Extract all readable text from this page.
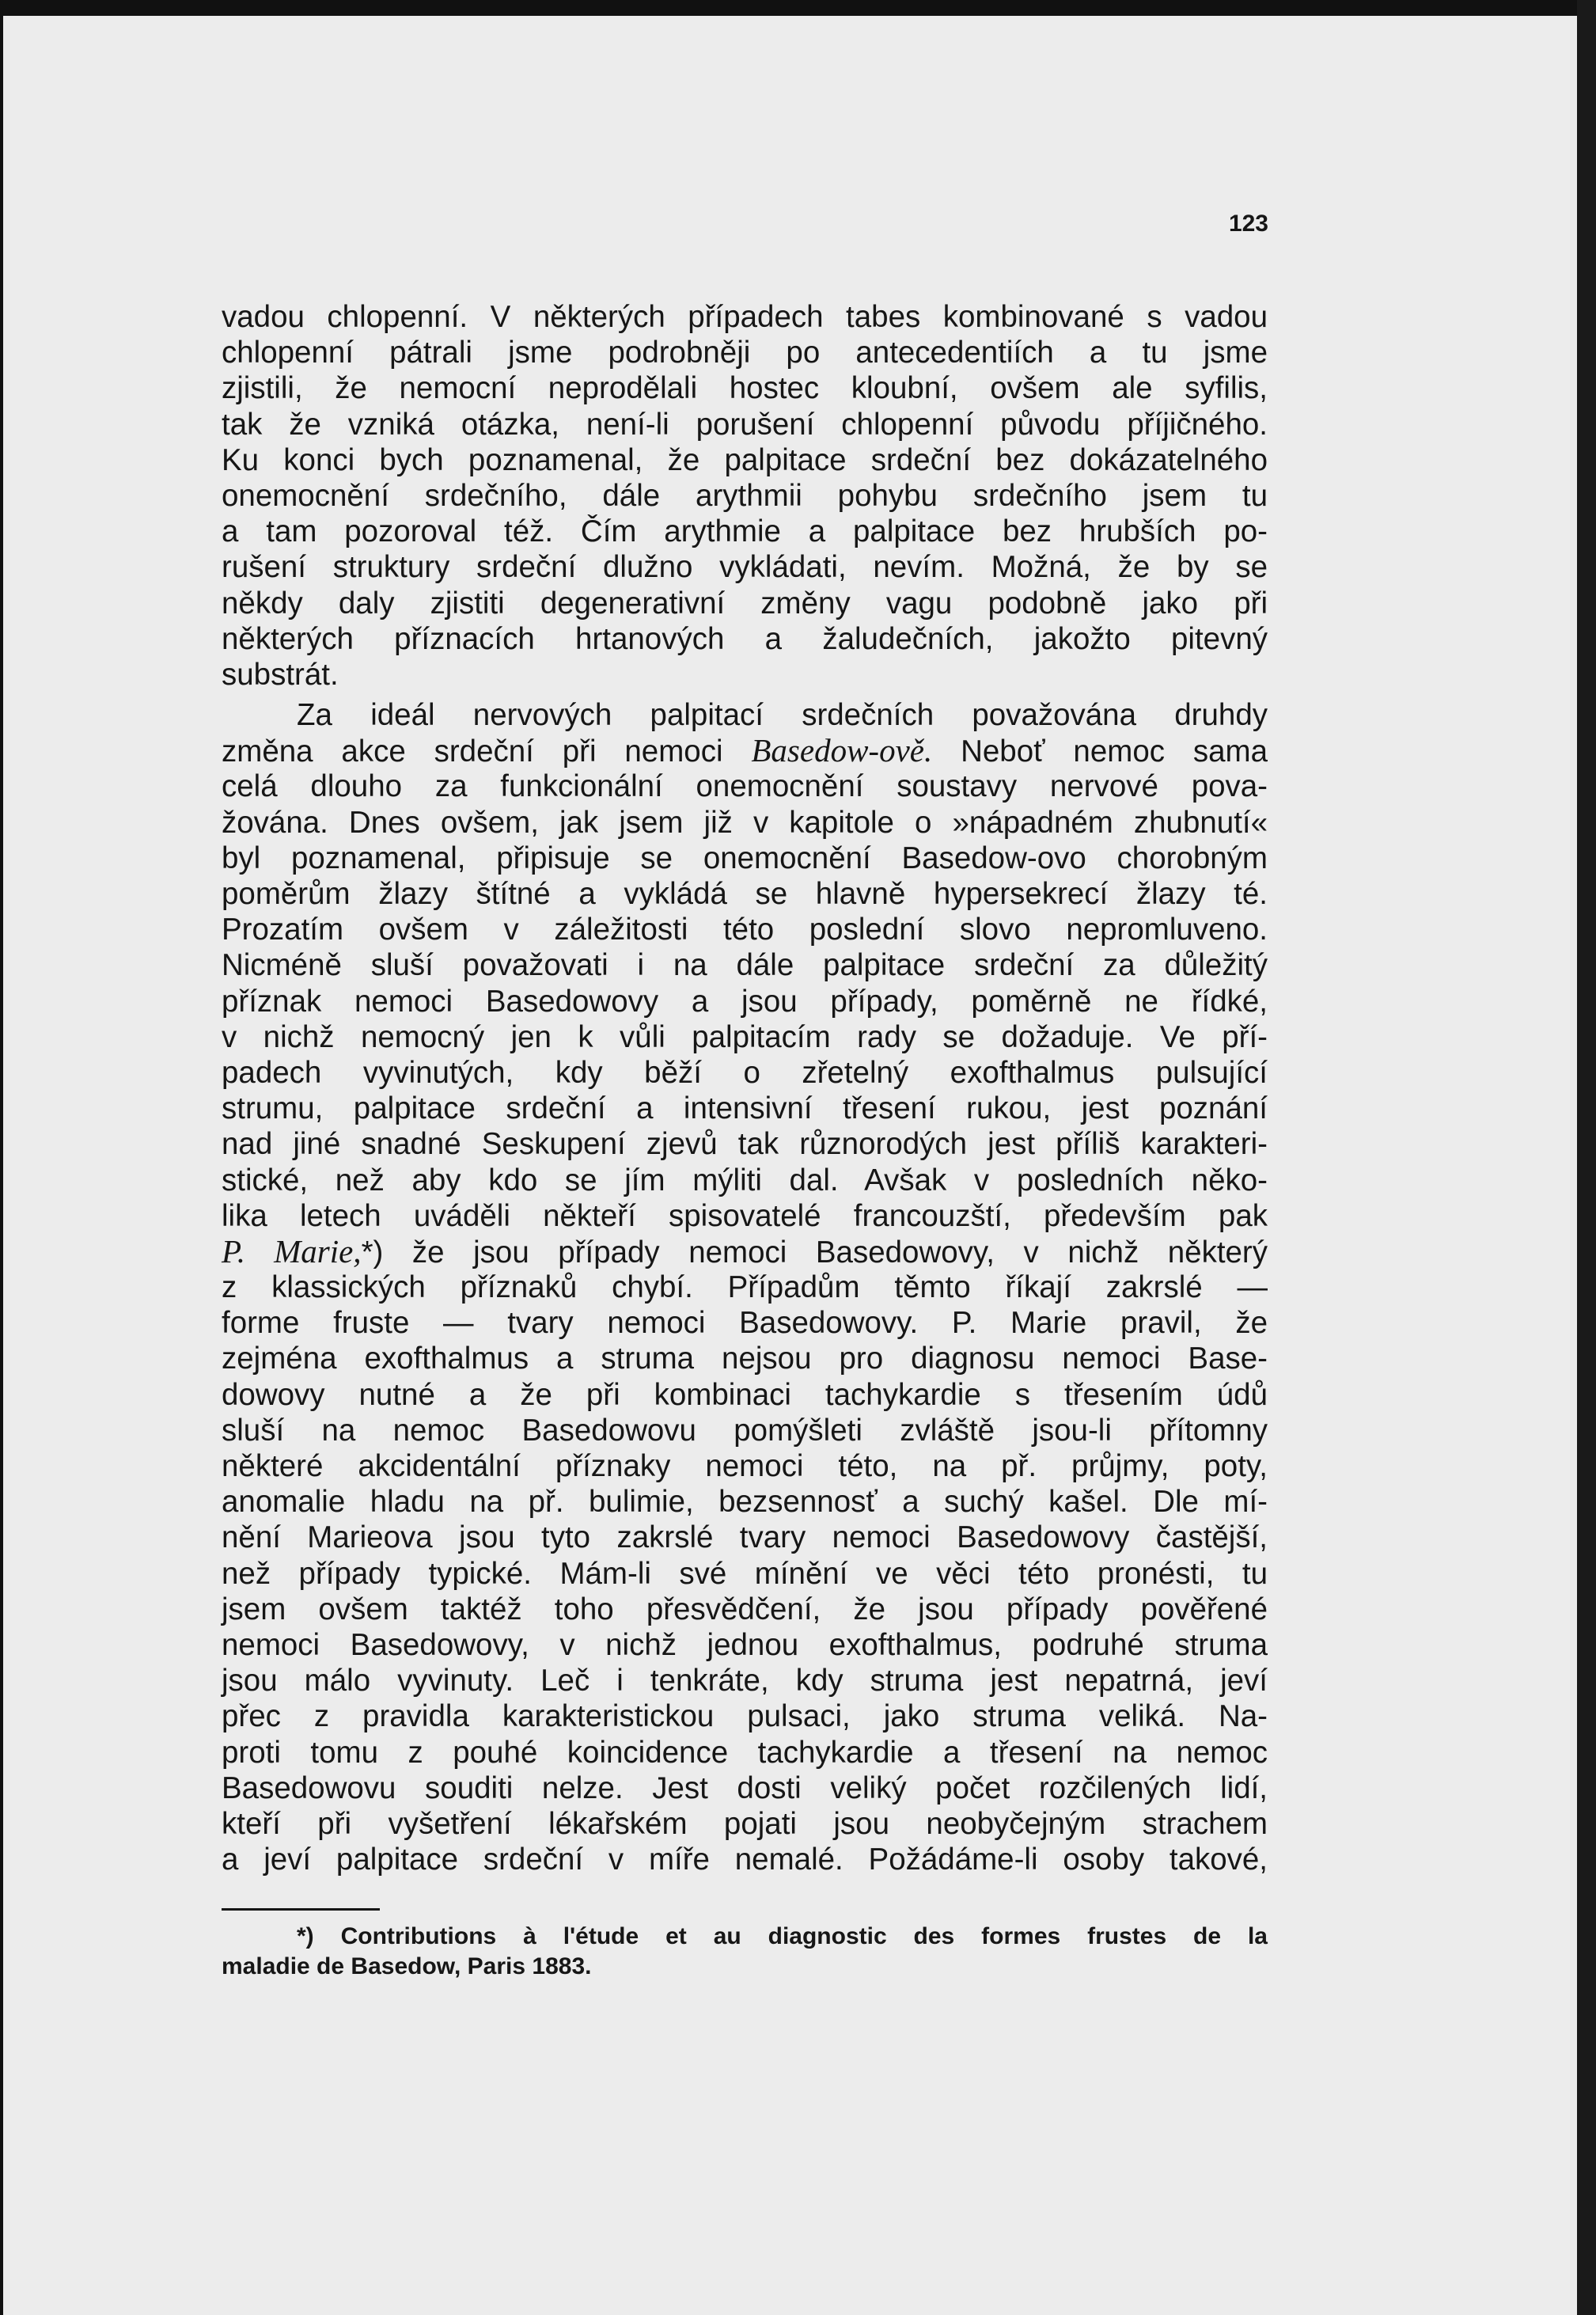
123

vadou chlopenní. V některých případech tabes kombinované s vadou
chlopenní pátrali jsme podrobněji po antecedentiích a tu jsme
zjistili, že nemocní neprodělali hostec kloubní, ovšem ale syfilis,
tak že vzniká otázka, není-li porušení chlopenní původu příjičného.
Ku konci bych poznamenal, že palpitace srdeční bez dokázatelného
onemocnění srdečního, dále arythmii pohybu srdečního jsem tu
a tam pozoroval též. Čím arythmie a palpitace bez hrubších po-
rušení struktury srdeční dlužno vykládati, nevím. Možná, že by se
někdy daly zjistiti degenerativní změny vagu podobně jako při
některých příznacích hrtanových a žaludečních, jakožto pitevný
substrát.
Za ideál nervových palpitací srdečních považována druhdy
změna akce srdeční při nemoci Basedow-ově. Neboť nemoc sama
celá dlouho za funkcionální onemocnění soustavy nervové pova-
žována. Dnes ovšem, jak jsem již v kapitole o »nápadném zhubnutí«
byl poznamenal, připisuje se onemocnění Basedow-ovo chorobným
poměrům žlazy štítné a vykládá se hlavně hypersekrecí žlazy té.
Prozatím ovšem v záležitosti této poslední slovo nepromluveno.
Nicméně sluší považovati i na dále palpitace srdeční za důležitý
příznak nemoci Basedowovy a jsou případy, poměrně ne řídké,
v nichž nemocný jen k vůli palpitacím rady se dožaduje. Ve pří-
padech vyvinutých, kdy běží o zřetelný exofthalmus pulsující
strumu, palpitace srdeční a intensivní třesení rukou, jest poznání
nad jiné snadné Seskupení zjevů tak různorodých jest příliš karakteri-
stické, než aby kdo se jím mýliti dal. Avšak v posledních něko-
lika letech uváděli někteří spisovatelé francouzští, především pak
P. Marie,*) že jsou případy nemoci Basedowovy, v nichž některý
z klassických příznaků chybí. Případům těmto říkají zakrslé —
forme fruste — tvary nemoci Basedowovy. P. Marie pravil, že
zejména exofthalmus a struma nejsou pro diagnosu nemoci Base-
dowovy nutné a že při kombinaci tachykardie s třesením údů
sluší na nemoc Basedowovu pomýšleti zvláště jsou-li přítomny
některé akcidentální příznaky nemoci této, na př. průjmy, poty,
anomalie hladu na př. bulimie, bezsennosť a suchý kašel. Dle mí-
nění Marieova jsou tyto zakrslé tvary nemoci Basedowovy častější,
než případy typické. Mám-li své mínění ve věci této pronésti, tu
jsem ovšem taktéž toho přesvědčení, že jsou případy pověřené
nemoci Basedowovy, v nichž jednou exofthalmus, podruhé struma
jsou málo vyvinuty. Leč i tenkráte, kdy struma jest nepatrná, jeví
přec z pravidla karakteristickou pulsaci, jako struma veliká. Na-
proti tomu z pouhé koincidence tachykardie a třesení na nemoc
Basedowovu souditi nelze. Jest dosti veliký počet rozčilených lidí,
kteří při vyšetření lékařském pojati jsou neobyčejným strachem
a jeví palpitace srdeční v míře nemalé. Požádáme-li osoby takové,
*) Contributions à l'étude et au diagnostic des formes frustes de la
maladie de Basedow, Paris 1883.
